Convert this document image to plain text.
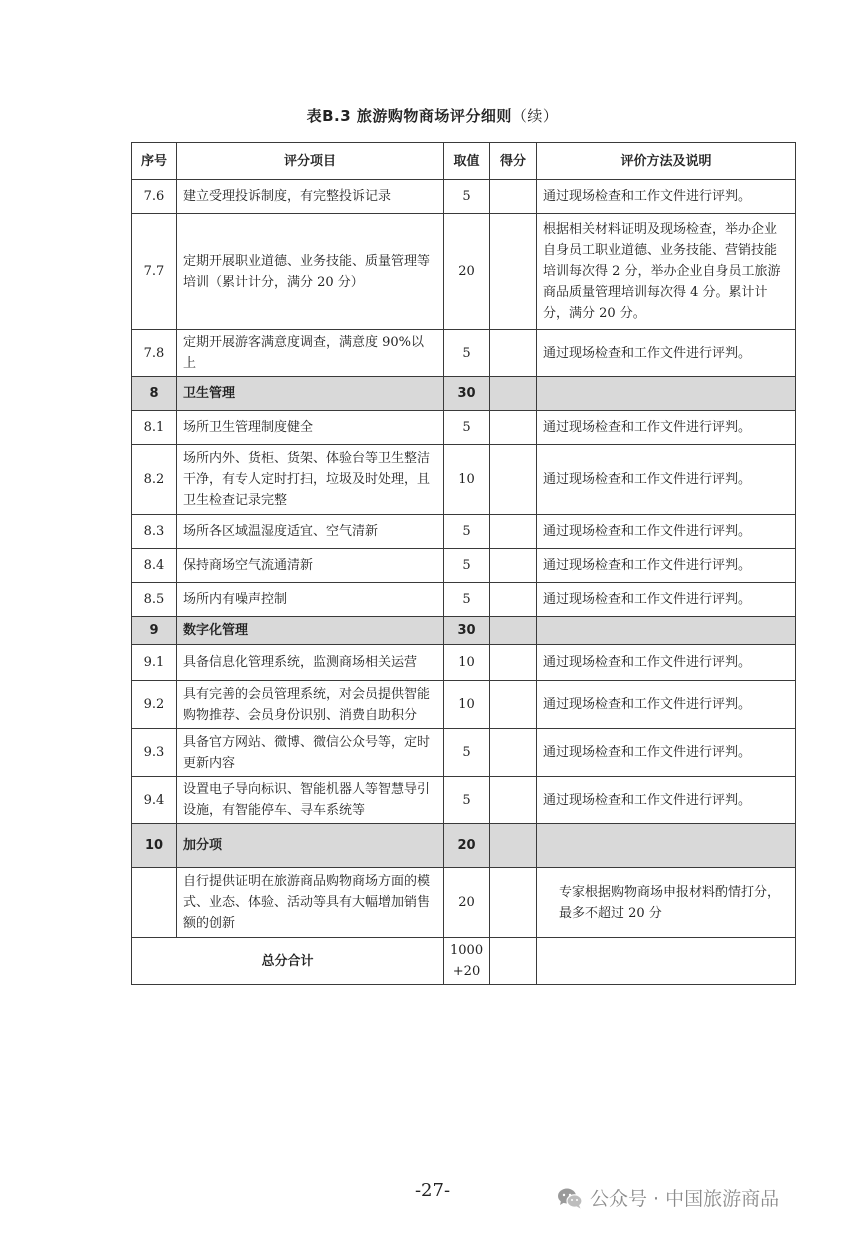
表B.3 旅游购物商场评分细则（续）
序号	评分项目	取值	得分	评价方法及说明
7.6	建立受理投诉制度，有完整投诉记录	5		通过现场检查和工作文件进行评判。
7.7	定期开展职业道德、业务技能、质量管理等培训（累计计分，满分 20 分）	20		根据相关材料证明及现场检查，举办企业自身员工职业道德、业务技能、营销技能培训每次得 2 分，举办企业自身员工旅游商品质量管理培训每次得 4 分。累计计分，满分 20 分。
7.8	定期开展游客满意度调查，满意度 90%以上	5		通过现场检查和工作文件进行评判。
8	卫生管理	30		
8.1	场所卫生管理制度健全	5		通过现场检查和工作文件进行评判。
8.2	场所内外、货柜、货架、体验台等卫生整洁干净，有专人定时打扫，垃圾及时处理，且卫生检查记录完整	10		通过现场检查和工作文件进行评判。
8.3	场所各区域温湿度适宜、空气清新	5		通过现场检查和工作文件进行评判。
8.4	保持商场空气流通清新	5		通过现场检查和工作文件进行评判。
8.5	场所内有噪声控制	5		通过现场检查和工作文件进行评判。
9	数字化管理	30		
9.1	具备信息化管理系统，监测商场相关运营	10		通过现场检查和工作文件进行评判。
9.2	具有完善的会员管理系统，对会员提供智能购物推荐、会员身份识别、消费自助积分	10		通过现场检查和工作文件进行评判。
9.3	具备官方网站、微博、微信公众号等，定时更新内容	5		通过现场检查和工作文件进行评判。
9.4	设置电子导向标识、智能机器人等智慧导引设施，有智能停车、寻车系统等	5		通过现场检查和工作文件进行评判。
10	加分项	20		
	自行提供证明在旅游商品购物商场方面的模式、业态、体验、活动等具有大幅增加销售额的创新	20		专家根据购物商场申报材料酌情打分，最多不超过 20 分
总分合计		1000
+20		

-27-	公众号 · 中国旅游商品
